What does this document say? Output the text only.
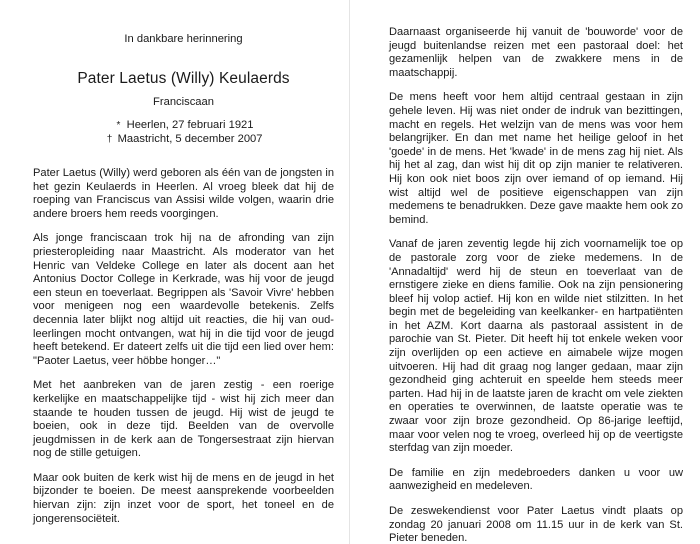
In dankbare herinnering
Pater Laetus (Willy) Keulaerds
Franciscaan
* Heerlen, 27 februari 1921
† Maastricht, 5 december 2007

Pater Laetus (Willy) werd geboren als één van de jongsten in het gezin Keulaerds in Heerlen. Al vroeg bleek dat hij de roeping van Franciscus van Assisi wilde volgen, waarin drie andere broers hem reeds voorgingen.

Als jonge franciscaan trok hij na de afronding van zijn priesteropleiding naar Maastricht. Als moderator van het Henric van Veldeke College en later als docent aan het Antonius Doctor College in Kerkrade, was hij voor de jeugd een steun en toeverlaat. Begrippen als 'Savoir Vivre' hebben voor menigeen nog een waardevolle betekenis. Zelfs decennia later blijkt nog altijd uit reacties, die hij van oud-leerlingen mocht ontvangen, wat hij in die tijd voor de jeugd heeft betekend. Er dateert zelfs uit die tijd een lied over hem: "Paoter Laetus, veer höbbe honger…"

Met het aanbreken van de jaren zestig - een roerige kerkelijke en maatschappelijke tijd - wist hij zich meer dan staande te houden tussen de jeugd. Hij wist de jeugd te boeien, ook in deze tijd. Beelden van de overvolle jeugdmissen in de kerk aan de Tongersestraat zijn hiervan nog de stille getuigen.

Maar ook buiten de kerk wist hij de mens en de jeugd in het bijzonder te boeien. De meest aansprekende voorbeelden hiervan zijn: zijn inzet voor de sport, het toneel en de jongerensociëteit.

Daarnaast organiseerde hij vanuit de 'bouworde' voor de jeugd buitenlandse reizen met een pastoraal doel: het gezamenlijk helpen van de zwakkere mens in de maatschappij.

De mens heeft voor hem altijd centraal gestaan in zijn gehele leven. Hij was niet onder de indruk van bezittingen, macht en regels. Het welzijn van de mens was voor hem belangrijker. En dan met name het heilige geloof in het 'goede' in de mens. Het 'kwade' in de mens zag hij niet. Als hij het al zag, dan wist hij dit op zijn manier te relativeren. Hij kon ook niet boos zijn over iemand of op iemand. Hij wist altijd wel de positieve eigenschappen van zijn medemens te benadrukken. Deze gave maakte hem ook zo bemind.

Vanaf de jaren zeventig legde hij zich voornamelijk toe op de pastorale zorg voor de zieke medemens. In de 'Annadaltijd' werd hij de steun en toeverlaat van de ernstigere zieke en diens familie. Ook na zijn pensionering bleef hij volop actief. Hij kon en wilde niet stilzitten. In het begin met de begeleiding van keelkanker- en hartpatiënten in het AZM. Kort daarna als pastoraal assistent in de parochie van St. Pieter. Dit heeft hij tot enkele weken voor zijn overlijden op een actieve en aimabele wijze mogen uitvoeren. Hij had dit graag nog langer gedaan, maar zijn gezondheid ging achteruit en speelde hem steeds meer parten. Had hij in de laatste jaren de kracht om vele ziekten en operaties te overwinnen, de laatste operatie was te zwaar voor zijn broze gezondheid. Op 86-jarige leeftijd, maar voor velen nog te vroeg, overleed hij op de veertigste sterfdag van zijn moeder.

De familie en zijn medebroeders danken u voor uw aanwezigheid en medeleven.

De zeswekendienst voor Pater Laetus vindt plaats op zondag 20 januari 2008 om 11.15 uur in de kerk van St. Pieter beneden.
